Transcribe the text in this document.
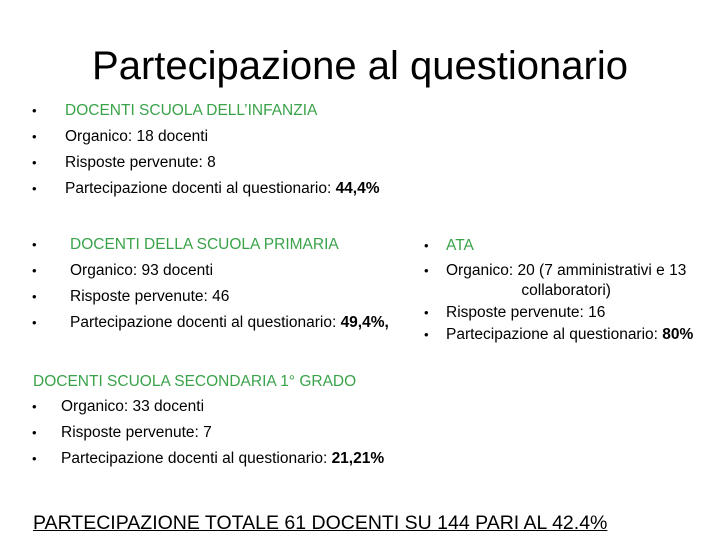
Partecipazione al questionario
• DOCENTI SCUOLA DELL’INFANZIA
• Organico: 18 docenti
• Risposte pervenute: 8
• Partecipazione docenti al questionario: 44,4%
• DOCENTI DELLA SCUOLA PRIMARIA
• Organico: 93 docenti
• Risposte pervenute: 46
• Partecipazione docenti al questionario: 49,4%,
• ATA
• Organico: 20 (7 amministrativi e 13
collaboratori)
• Risposte pervenute: 16
• Partecipazione al questionario: 80%
DOCENTI SCUOLA SECONDARIA 1° GRADO
• Organico: 33 docenti
• Risposte pervenute: 7
• Partecipazione docenti al questionario: 21,21%
PARTECIPAZIONE TOTALE 61 DOCENTI SU 144 PARI AL 42.4%
